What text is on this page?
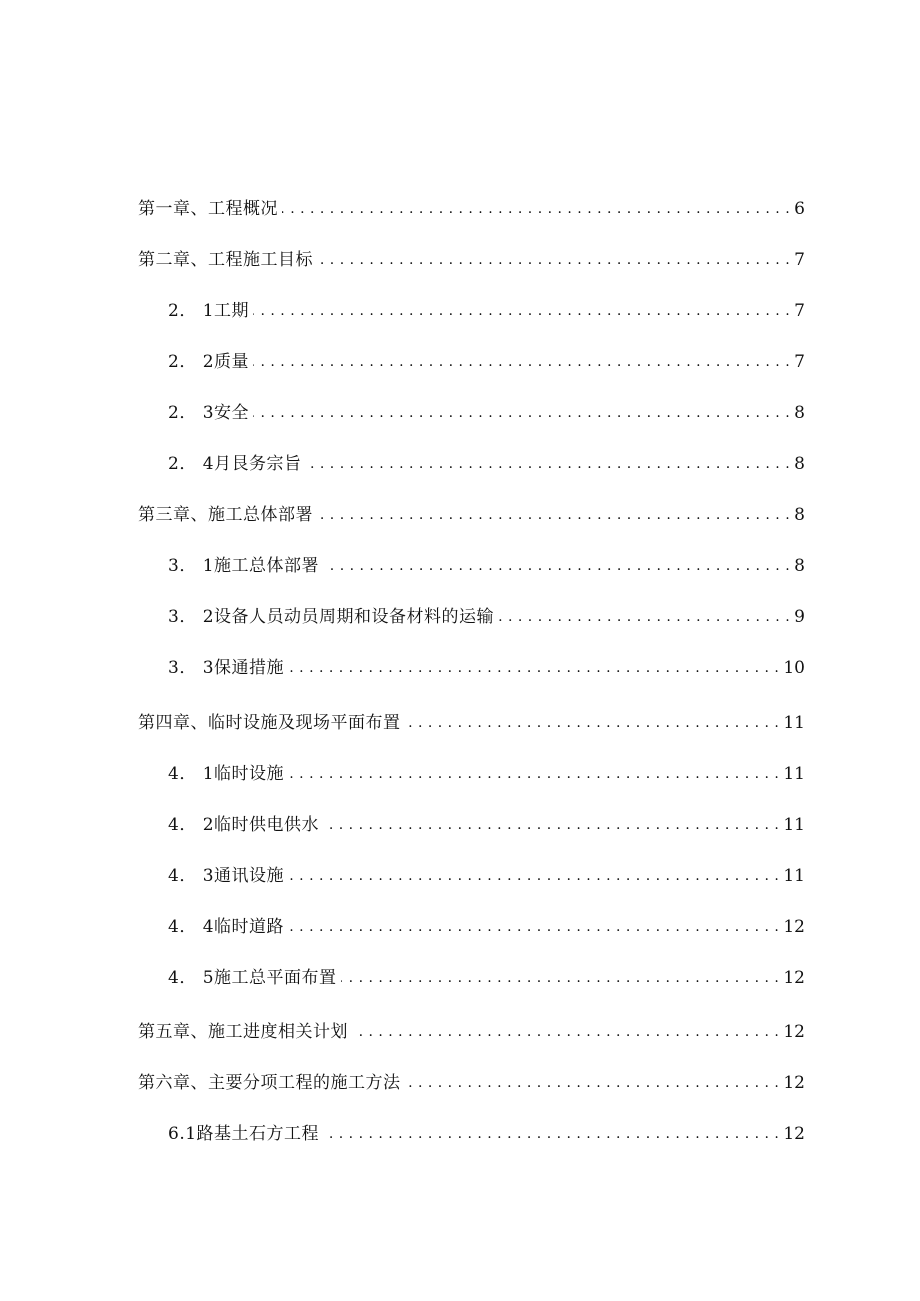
第一章、工程概况 . . .	6
第二章、工程施工目标 . . .	7
2． 1工期 . . .	7
2． 2质量 . . .	7
2． 3安全 . . .	8
2． 4月艮务宗旨 . . .	8
第三章、施工总体部署 . . .	8
3． 1施工总体部署 . . .	8
3． 2设备人员动员周期和设备材料的运输 . . .	9
3． 3保通措施 . . .	10
第四章、临时设施及现场平面布置 . . .	11
4． 1临时设施 . . .	11
4． 2临时供电供水 . . .	11
4． 3通讯设施 . . .	11
4． 4临时道路 . . .	12
4． 5施工总平面布置 . . .	12
第五章、施工进度相关计划 . . .	12
第六章、主要分项工程的施工方法 . . .	12
6.1路基土石方工程 . . .	12
